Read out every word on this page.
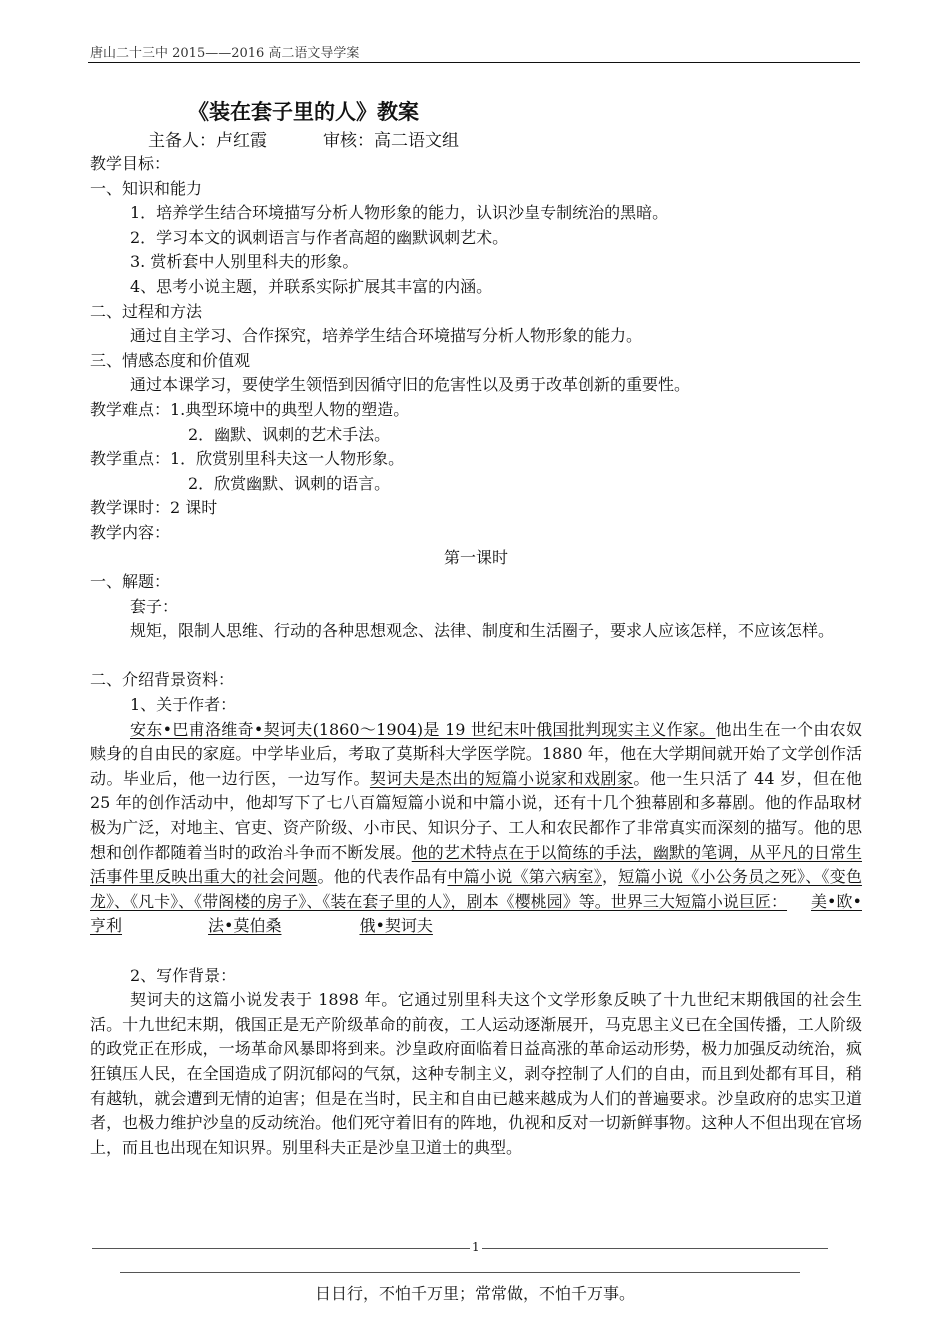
唐山二十三中 2015——2016 高二语文导学案
《装在套子里的人》教案
主备人：卢红霞	审核：高二语文组

教学目标：

一、知识和能力

1．培养学生结合环境描写分析人物形象的能力，认识沙皇专制统治的黑暗。

2．学习本文的讽刺语言与作者高超的幽默讽刺艺术。

3. 赏析套中人别里科夫的形象。

4、思考小说主题，并联系实际扩展其丰富的内涵。

二、过程和方法

通过自主学习、合作探究，培养学生结合环境描写分析人物形象的能力。

三、情感态度和价值观

通过本课学习，要使学生领悟到因循守旧的危害性以及勇于改革创新的重要性。

教学难点：1.典型环境中的典型人物的塑造。

2．幽默、讽刺的艺术手法。

教学重点：1．欣赏别里科夫这一人物形象。

2．欣赏幽默、讽刺的语言。

教学课时：2 课时

教学内容：

第一课时

一、解题：

套子：

规矩，限制人思维、行动的各种思想观念、法律、制度和生活圈子，要求人应该怎样，不应该怎样。

二、介绍背景资料：

1、关于作者：

安东•巴甫洛维奇•契诃夫(1860～1904)是 19 世纪末叶俄国批判现实主义作家。他出生在一个由农奴赎身的自由民的家庭。中学毕业后，考取了莫斯科大学医学院。1880 年，他在大学期间就开始了文学创作活动。毕业后，他一边行医，一边写作。契诃夫是杰出的短篇小说家和戏剧家。他一生只活了 44 岁，但在他 25 年的创作活动中，他却写下了七八百篇短篇小说和中篇小说，还有十几个独幕剧和多幕剧。他的作品取材极为广泛，对地主、官吏、资产阶级、小市民、知识分子、工人和农民都作了非常真实而深刻的描写。他的思想和创作都随着当时的政治斗争而不断发展。他的艺术特点在于以简练的手法，幽默的笔调，从平凡的日常生活事件里反映出重大的社会问题。他的代表作品有中篇小说《第六病室》，短篇小说《小公务员之死》、《变色龙》、《凡卡》、《带阁楼的房子》、《装在套子里的人》，剧本《樱桃园》等。世界三大短篇小说巨匠： 美•欧•亨利	法•莫伯桑	俄•契诃夫

2、写作背景：

契诃夫的这篇小说发表于 1898 年。它通过别里科夫这个文学形象反映了十九世纪末期俄国的社会生活。十九世纪末期，俄国正是无产阶级革命的前夜，工人运动逐渐展开，马克思主义已在全国传播，工人阶级的政党正在形成，一场革命风暴即将到来。沙皇政府面临着日益高涨的革命运动形势，极力加强反动统治，疯狂镇压人民，在全国造成了阴沉郁闷的气氛，这种专制主义，剥夺控制了人们的自由，而且到处都有耳目，稍有越轨，就会遭到无情的迫害；但是在当时，民主和自由已越来越成为人们的普遍要求。沙皇政府的忠实卫道者，也极力维护沙皇的反动统治。他们死守着旧有的阵地，仇视和反对一切新鲜事物。这种人不但出现在官场上，而且也出现在知识界。别里科夫正是沙皇卫道士的典型。

1
日日行，不怕千万里；常常做，不怕千万事。
